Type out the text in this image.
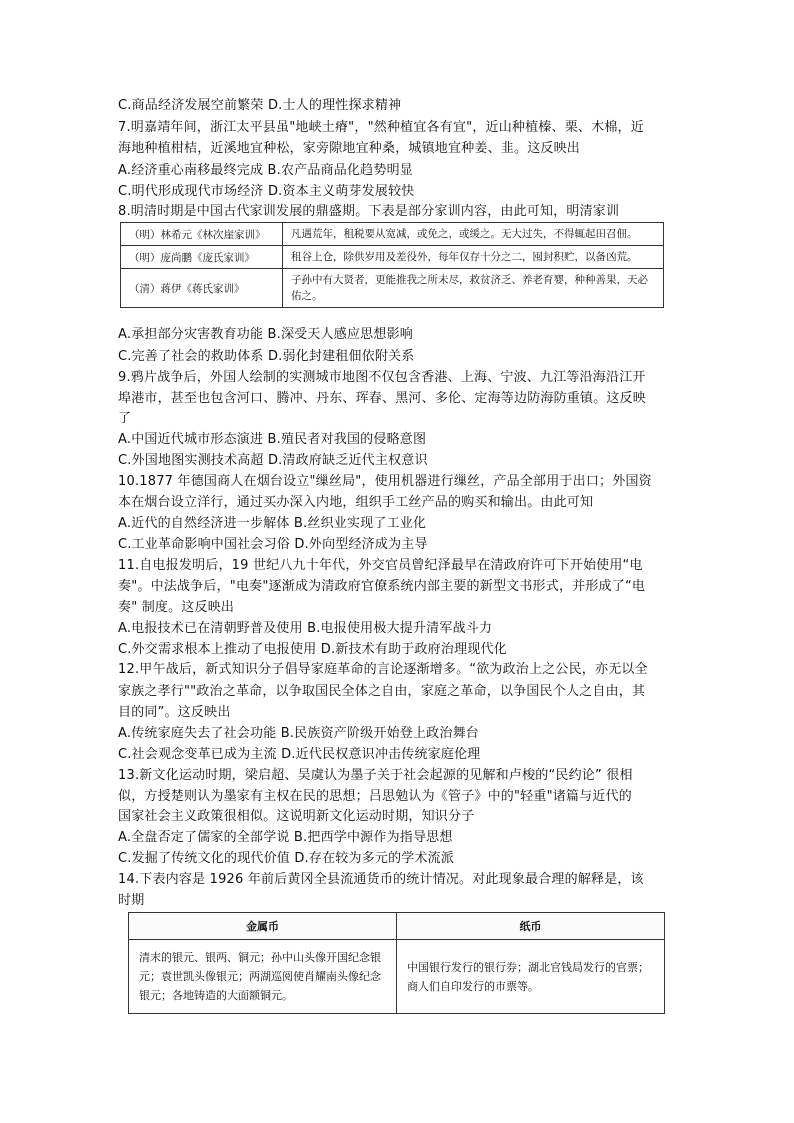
C.商品经济发展空前繁荣 D.士人的理性探求精神
7.明嘉靖年间，浙江太平县虽"地峡土瘠"，"然种植宜各有宜"，近山种植榛、栗、木棉，近
海地种植柑桔，近溪地宜种松，家旁隙地宜种桑，城镇地宜种姜、韭。这反映出
A.经济重心南移最终完成 B.农产品商品化趋势明显
C.明代形成现代市场经济 D.资本主义萌芽发展较快
8.明清时期是中国古代家训发展的鼎盛期。下表是部分家训内容，由此可知，明清家训
（明）林希元《林次崖家训》	凡遇荒年，租税要从宽减，或免之，或缓之。无大过失，不得辄起田召佃。
（明）庞尚鹏《庞氏家训》	租谷上仓，除供岁用及差役外，每年仅存十分之二，囤封积贮，以备凶荒。
（清）蒋伊《蒋氏家训》	子孙中有大贤者，更能推我之所未尽，救贫济乏、养老育婴，种种善果，天必佑之。
A.承担部分灾害教育功能 B.深受天人感应思想影响
C.完善了社会的救助体系 D.弱化封建租佃依附关系
9.鸦片战争后，外国人绘制的实测城市地图不仅包含香港、上海、宁波、九江等沿海沿江开
埠港市，甚至也包含河口、腾冲、丹东、珲春、黑河、多伦、定海等边防海防重镇。这反映
了
A.中国近代城市形态演进 B.殖民者对我国的侵略意图
C.外国地图实测技术高超 D.清政府缺乏近代主权意识
10.1877 年德国商人在烟台设立"缫丝局"，使用机器进行缫丝，产品全部用于出口；外国资
本在烟台设立洋行，通过买办深入内地，组织手工丝产品的购买和输出。由此可知
A.近代的自然经济进一步解体 B.丝织业实现了工业化
C.工业革命影响中国社会习俗 D.外向型经济成为主导
11.自电报发明后，19 世纪八九十年代，外交官员曾纪泽最早在清政府许可下开始使用“电
奏"。中法战争后，"电奏"逐渐成为清政府官僚系统内部主要的新型文书形式，并形成了“电
奏" 制度。这反映出
A.电报技术已在清朝野普及使用 B.电报使用极大提升清军战斗力
C.外交需求根本上推动了电报使用 D.新技术有助于政府治理现代化
12.甲午战后，新式知识分子倡导家庭革命的言论逐渐增多。“欲为政治上之公民，亦无以全
家族之孝行""政治之革命，以争取国民全体之自由，家庭之革命，以争国民个人之自由，其
目的同”。这反映出
A.传统家庭失去了社会功能 B.民族资产阶级开始登上政治舞台
C.社会观念变革已成为主流 D.近代民权意识冲击传统家庭伦理
13.新文化运动时期，梁启超、吴虞认为墨子关于社会起源的见解和卢梭的“民约论” 很相
似，方授楚则认为墨家有主权在民的思想；吕思勉认为《管子》中的"轻重"诸篇与近代的
国家社会主义政策很相似。这说明新文化运动时期，知识分子
A.全盘否定了儒家的全部学说 B.把西学中源作为指导思想
C.发掘了传统文化的现代价值 D.存在较为多元的学术流派
14.下表内容是 1926 年前后黄冈全县流通货币的统计情况。对此现象最合理的解释是，该
时期
金属币	纸币
清末的银元、银两、铜元；孙中山头像开国纪念银元；袁世凯头像银元；两湖巡阅使肖耀南头像纪念银元；各地铸造的大面额铜元。	中国银行发行的银行券；湖北官钱局发行的官票；商人们自印发行的市票等。
